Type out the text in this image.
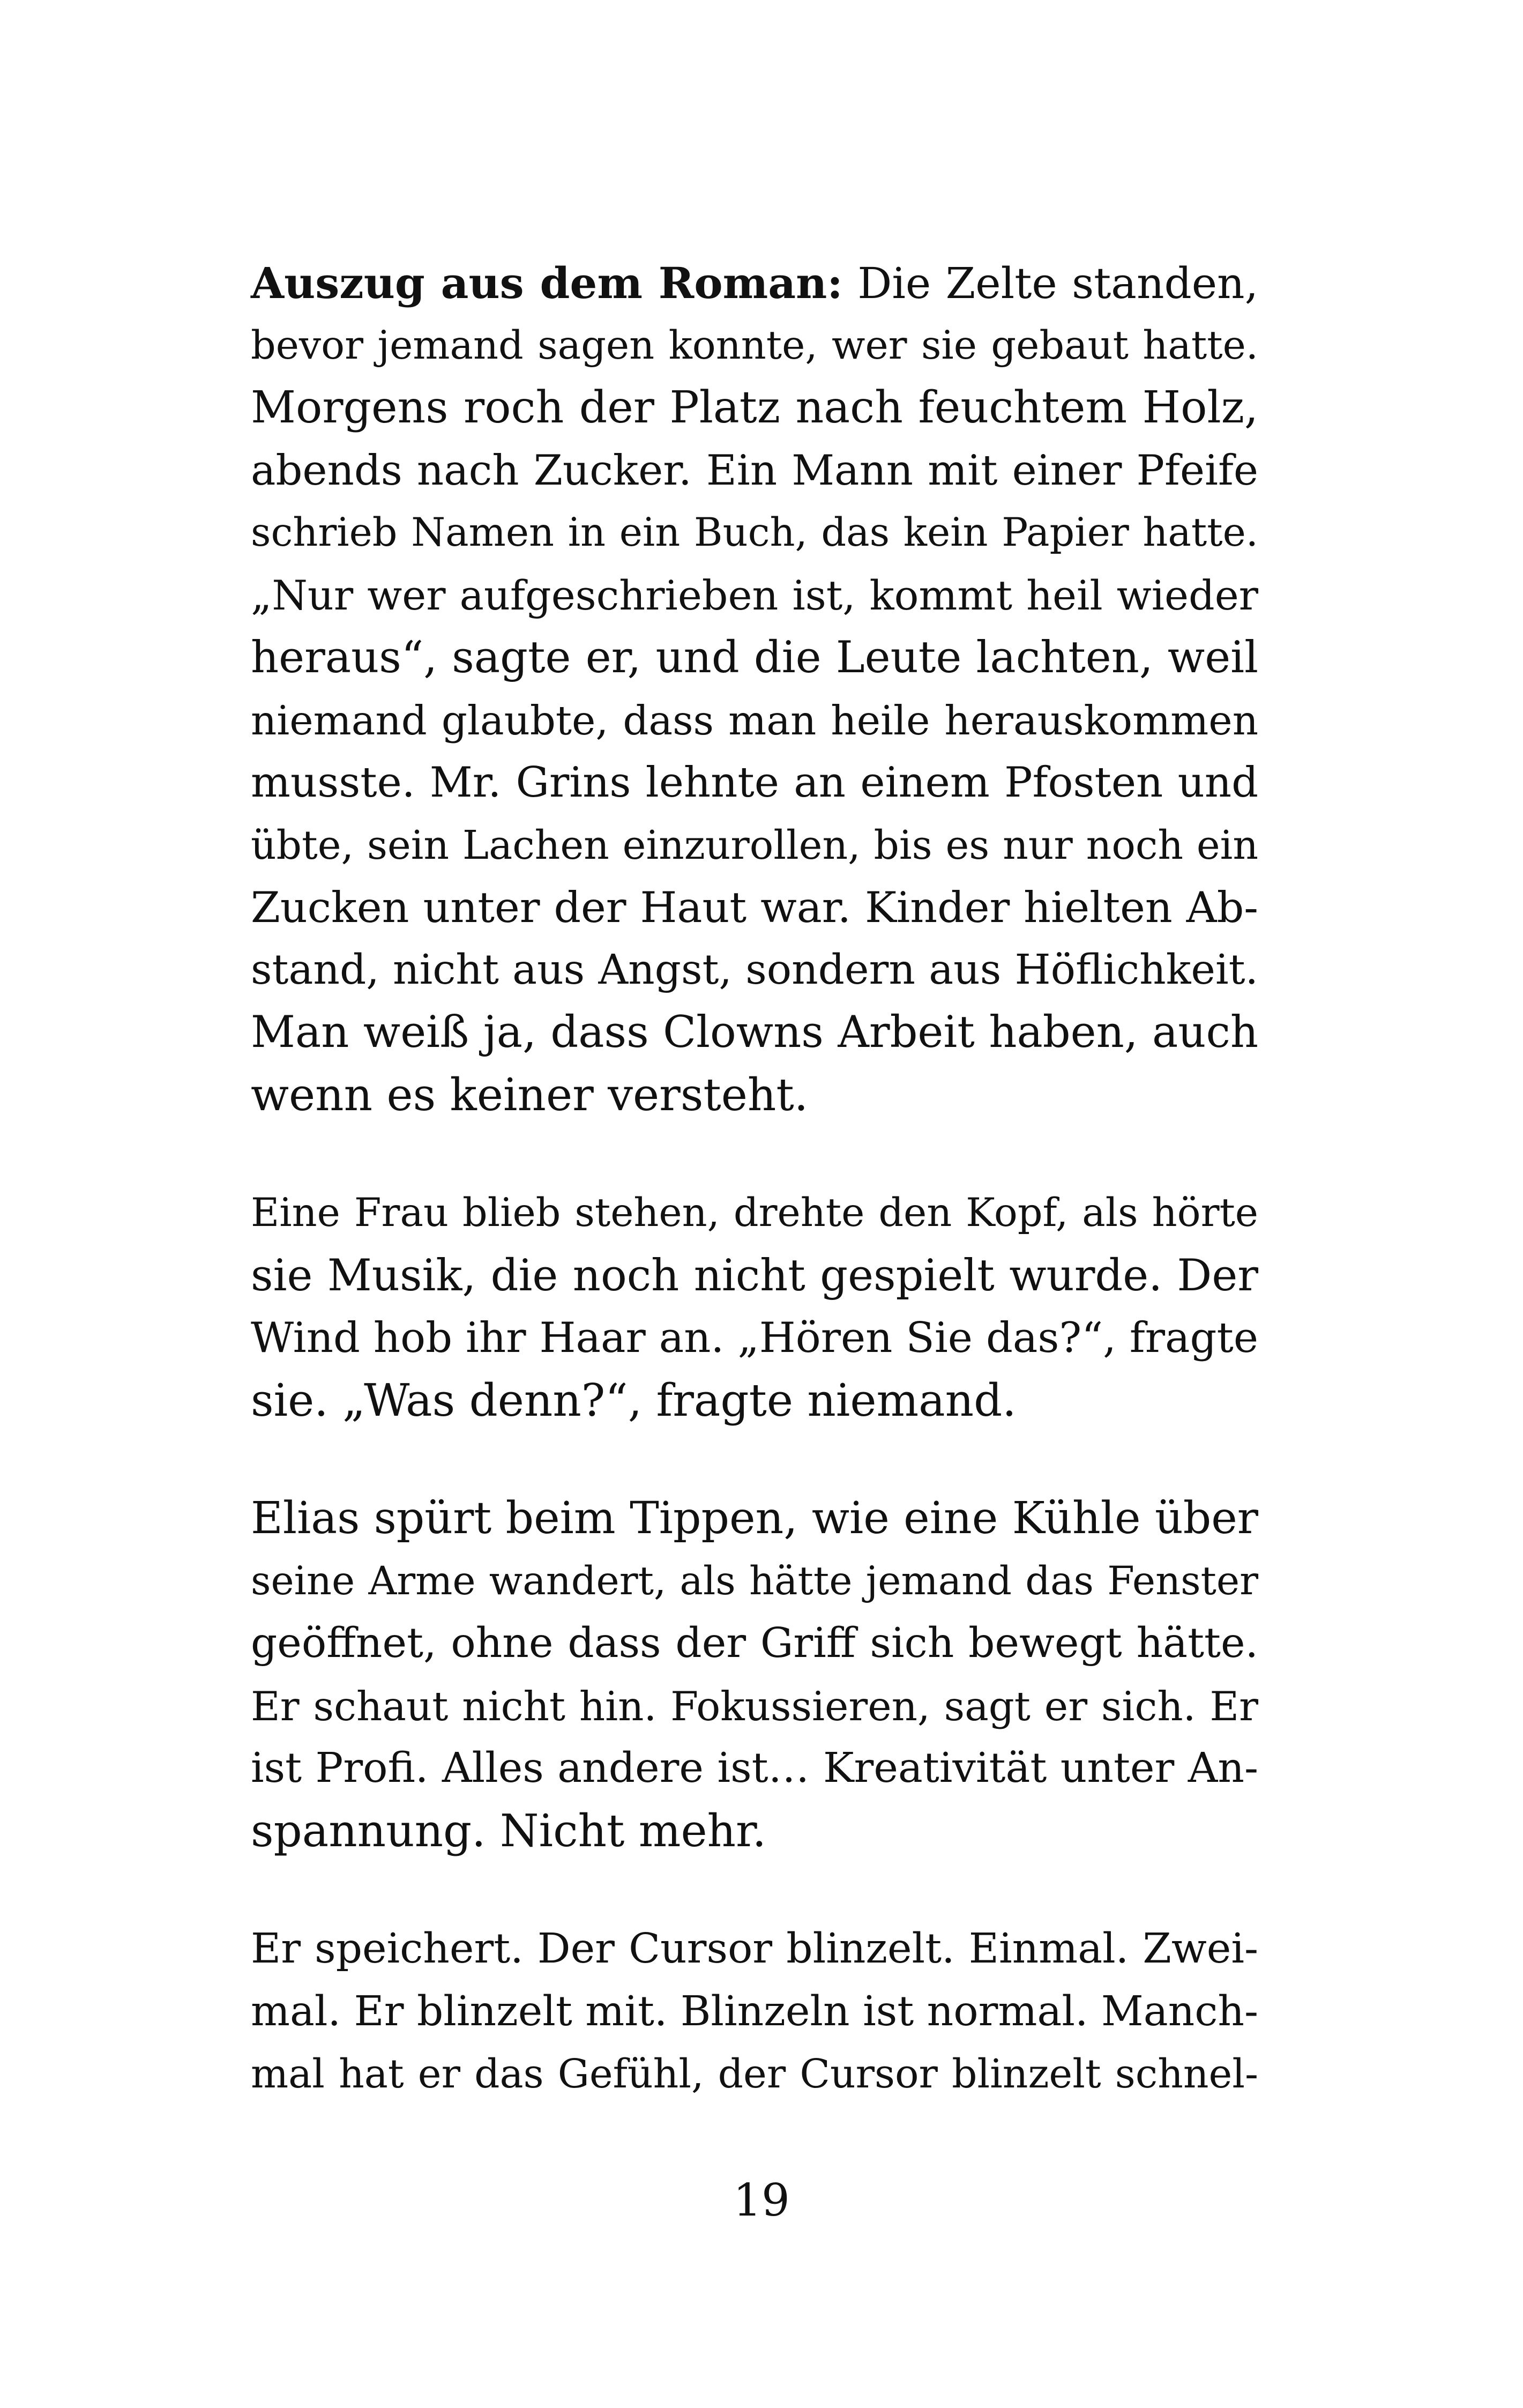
Auszug aus dem Roman: Die Zelte standen,
bevor jemand sagen konnte, wer sie gebaut hatte.
Morgens roch der Platz nach feuchtem Holz,
abends nach Zucker. Ein Mann mit einer Pfeife
schrieb Namen in ein Buch, das kein Papier hatte.
„Nur wer aufgeschrieben ist, kommt heil wieder
heraus“, sagte er, und die Leute lachten, weil
niemand glaubte, dass man heile herauskommen
musste. Mr. Grins lehnte an einem Pfosten und
übte, sein Lachen einzurollen, bis es nur noch ein
Zucken unter der Haut war. Kinder hielten Ab-
stand, nicht aus Angst, sondern aus Höflichkeit.
Man weiß ja, dass Clowns Arbeit haben, auch
wenn es keiner versteht.
Eine Frau blieb stehen, drehte den Kopf, als hörte
sie Musik, die noch nicht gespielt wurde. Der
Wind hob ihr Haar an. „Hören Sie das?“, fragte
sie. „Was denn?“, fragte niemand.
Elias spürt beim Tippen, wie eine Kühle über
seine Arme wandert, als hätte jemand das Fenster
geöffnet, ohne dass der Griff sich bewegt hätte.
Er schaut nicht hin. Fokussieren, sagt er sich. Er
ist Profi. Alles andere ist… Kreativität unter An-
spannung. Nicht mehr.
Er speichert. Der Cursor blinzelt. Einmal. Zwei-
mal. Er blinzelt mit. Blinzeln ist normal. Manch-
mal hat er das Gefühl, der Cursor blinzelt schnel-
19
